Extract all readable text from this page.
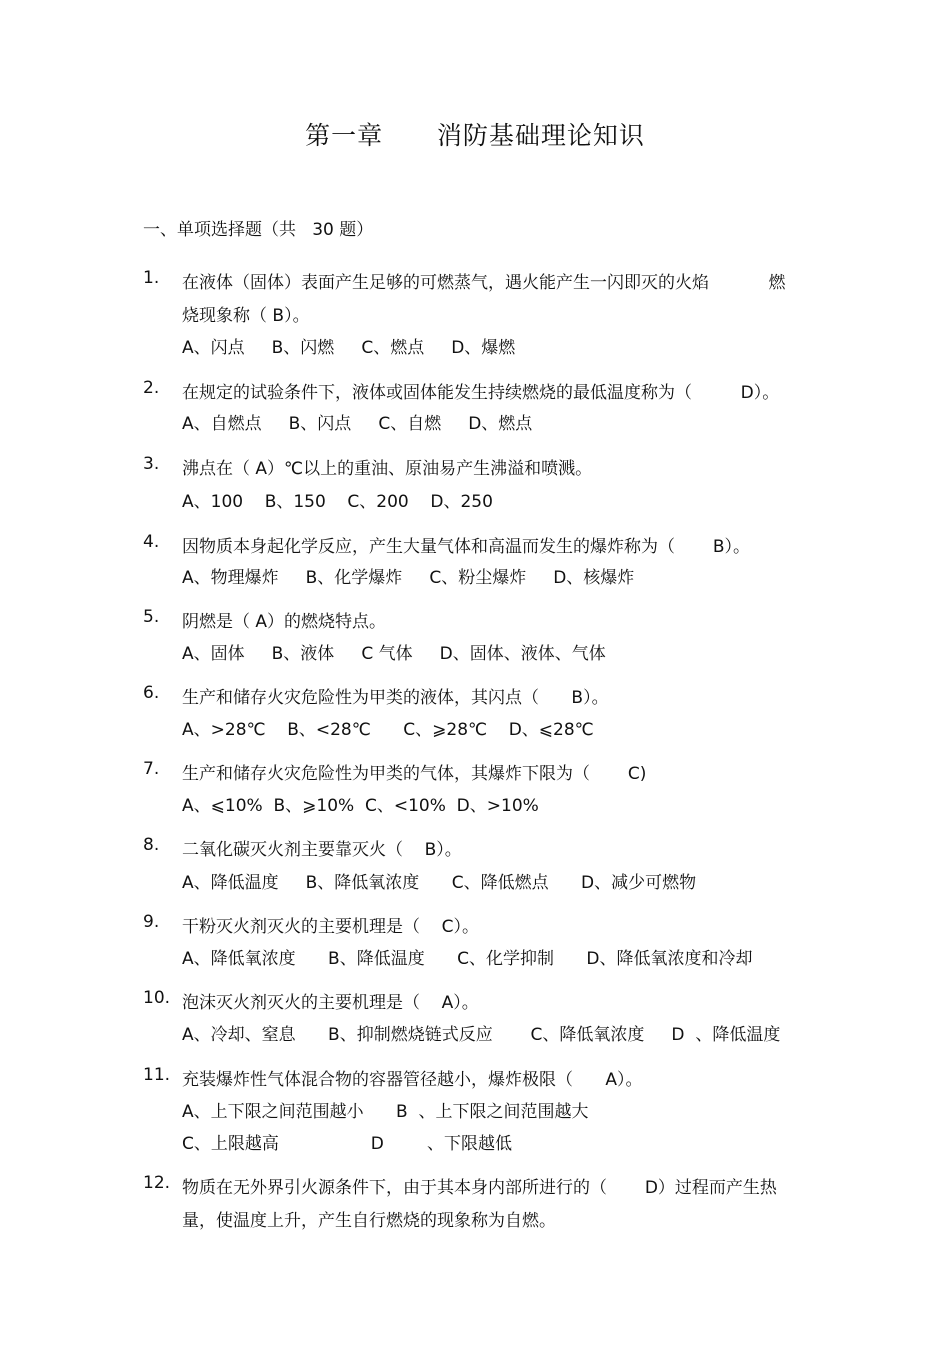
第一章      消防基础理论知识
一、单项选择题（共   30 题）
1. 在液体（固体）表面产生足够的可燃蒸气，遇火能产生一闪即灭的火焰           燃
烧现象称（ B）。
A、闪点     B、闪燃     C、燃点     D、爆燃
2. 在规定的试验条件下，液体或固体能发生持续燃烧的最低温度称为（         D）。
A、自燃点     B、闪点     C、自燃     D、燃点
3. 沸点在（ A）℃以上的重油、原油易产生沸溢和喷溅。
A、100    B、150    C、200    D、250
4. 因物质本身起化学反应，产生大量气体和高温而发生的爆炸称为（       B）。
A、物理爆炸     B、化学爆炸     C、粉尘爆炸     D、核爆炸
5. 阴燃是（ A）的燃烧特点。
A、固体     B、液体     C 气体     D、固体、液体、气体
6. 生产和储存火灾危险性为甲类的液体，其闪点（      B）。
A、>28℃    B、<28℃      C、⩾28℃    D、⩽28℃
7. 生产和储存火灾危险性为甲类的气体，其爆炸下限为（       C)
A、⩽10%  B、⩾10%  C、<10%  D、>10%
8. 二氧化碳灭火剂主要靠灭火（    B）。
A、降低温度     B、降低氧浓度      C、降低燃点      D、减少可燃物
9. 干粉灭火剂灭火的主要机理是（    C）。
A、降低氧浓度      B、降低温度      C、化学抑制      D、降低氧浓度和冷却
10. 泡沫灭火剂灭火的主要机理是（    A）。
A、冷却、窒息      B、抑制燃烧链式反应       C、降低氧浓度     D  、降低温度
11. 充装爆炸性气体混合物的容器管径越小，爆炸极限（      A）。
A、上下限之间范围越小      B  、上下限之间范围越大
C、上限越高                 D        、下限越低
12. 物质在无外界引火源条件下，由于其本身内部所进行的（       D）过程而产生热
量，使温度上升，产生自行燃烧的现象称为自燃。
